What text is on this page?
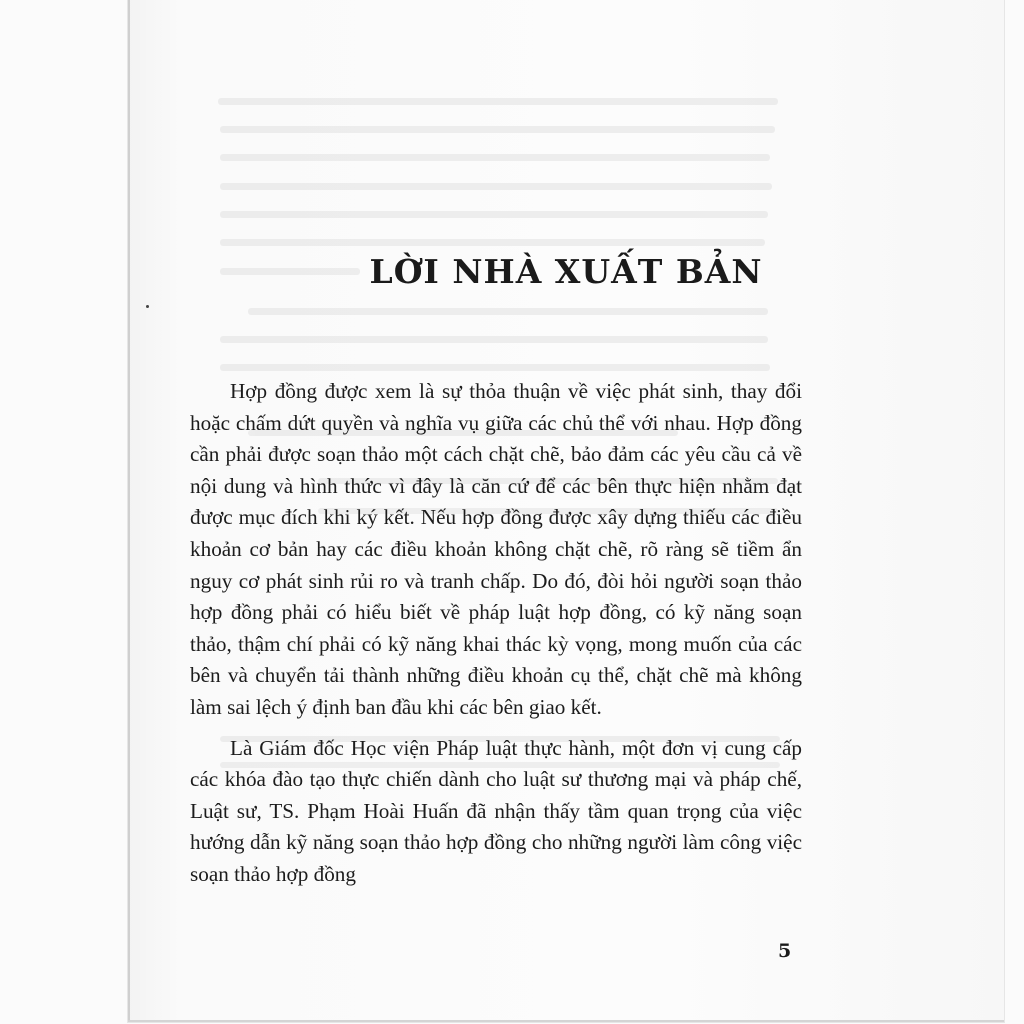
LỜI NHÀ XUẤT BẢN

Hợp đồng được xem là sự thỏa thuận về việc phát sinh, thay đổi hoặc chấm dứt quyền và nghĩa vụ giữa các chủ thể với nhau. Hợp đồng cần phải được soạn thảo một cách chặt chẽ, bảo đảm các yêu cầu cả về nội dung và hình thức vì đây là căn cứ để các bên thực hiện nhằm đạt được mục đích khi ký kết. Nếu hợp đồng được xây dựng thiếu các điều khoản cơ bản hay các điều khoản không chặt chẽ, rõ ràng sẽ tiềm ẩn nguy cơ phát sinh rủi ro và tranh chấp. Do đó, đòi hỏi người soạn thảo hợp đồng phải có hiểu biết về pháp luật hợp đồng, có kỹ năng soạn thảo, thậm chí phải có kỹ năng khai thác kỳ vọng, mong muốn của các bên và chuyển tải thành những điều khoản cụ thể, chặt chẽ mà không làm sai lệch ý định ban đầu khi các bên giao kết.

Là Giám đốc Học viện Pháp luật thực hành, một đơn vị cung cấp các khóa đào tạo thực chiến dành cho luật sư thương mại và pháp chế, Luật sư, TS. Phạm Hoài Huấn đã nhận thấy tầm quan trọng của việc hướng dẫn kỹ năng soạn thảo hợp đồng cho những người làm công việc soạn thảo hợp đồng

5
